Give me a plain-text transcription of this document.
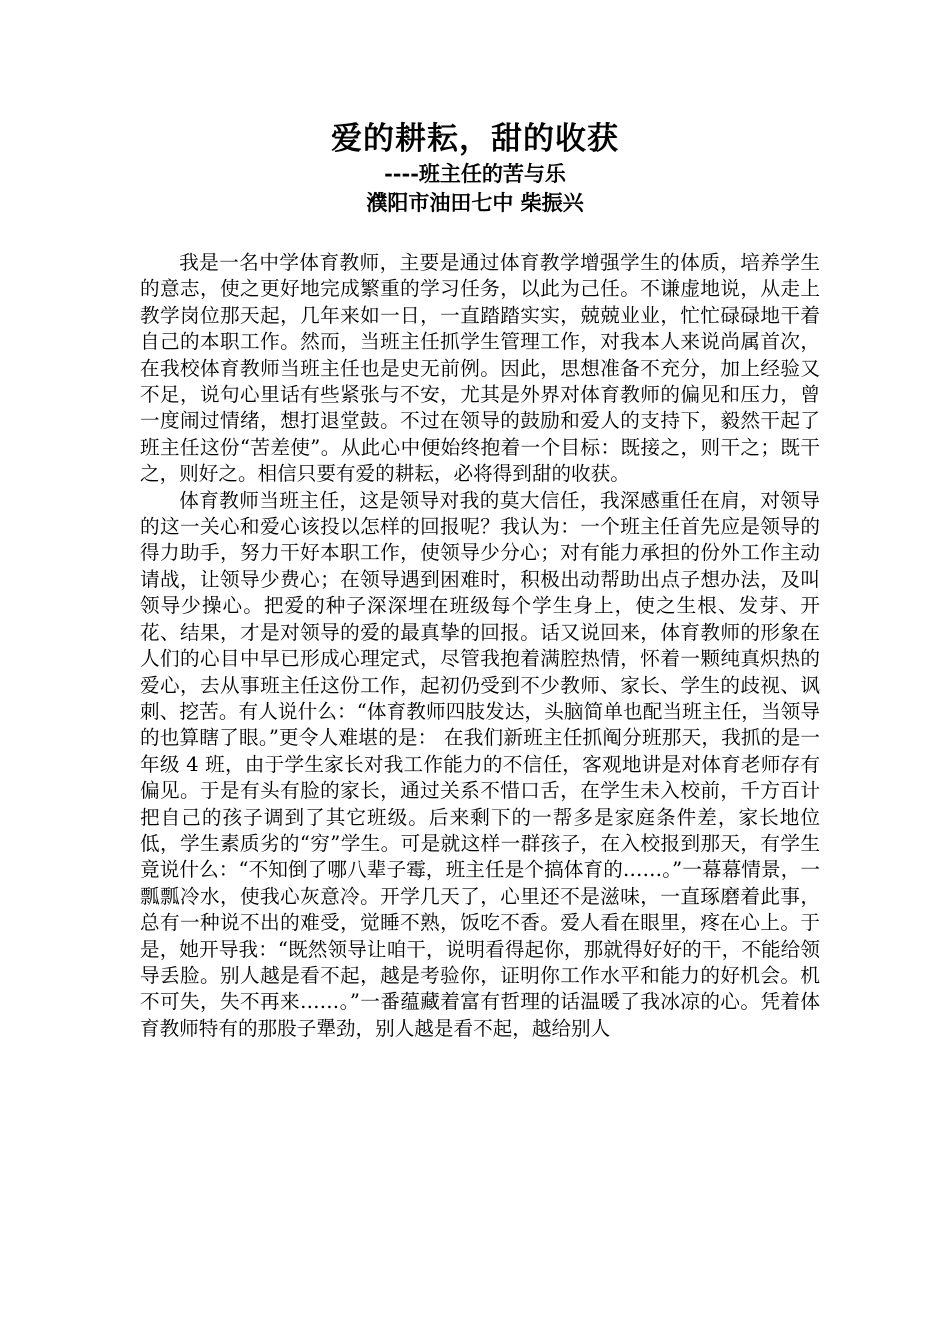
爱的耕耘，甜的收获

----班主任的苦与乐

濮阳市油田七中 柴振兴

我是一名中学体育教师，主要是通过体育教学增强学生的体质，培养学生的意志，使之更好地完成繁重的学习任务，以此为己任。不谦虚地说，从走上教学岗位那天起，几年来如一日，一直踏踏实实，兢兢业业，忙忙碌碌地干着自己的本职工作。然而，当班主任抓学生管理工作，对我本人来说尚属首次，在我校体育教师当班主任也是史无前例。因此，思想准备不充分，加上经验又不足，说句心里话有些紧张与不安，尤其是外界对体育教师的偏见和压力，曾一度闹过情绪，想打退堂鼓。不过在领导的鼓励和爱人的支持下，毅然干起了班主任这份“苦差使”。从此心中便始终抱着一个目标：既接之，则干之；既干之，则好之。相信只要有爱的耕耘，必将得到甜的收获。

体育教师当班主任，这是领导对我的莫大信任，我深感重任在肩，对领导的这一关心和爱心该投以怎样的回报呢？我认为：一个班主任首先应是领导的得力助手，努力干好本职工作，使领导少分心；对有能力承担的份外工作主动请战，让领导少费心；在领导遇到困难时，积极出动帮助出点子想办法，及叫领导少操心。把爱的种子深深埋在班级每个学生身上，使之生根、发芽、开花、结果，才是对领导的爱的最真挚的回报。话又说回来，体育教师的形象在人们的心目中早已形成心理定式，尽管我抱着满腔热情，怀着一颗纯真炽热的爱心，去从事班主任这份工作，起初仍受到不少教师、家长、学生的歧视、讽刺、挖苦。有人说什么：“体育教师四肢发达，头脑简单也配当班主任，当领导的也算瞎了眼。”更令人难堪的是： 在我们新班主任抓阄分班那天，我抓的是一年级 4 班，由于学生家长对我工作能力的不信任，客观地讲是对体育老师存有偏见。于是有头有脸的家长，通过关系不惜口舌，在学生未入校前，千方百计把自己的孩子调到了其它班级。后来剩下的一帮多是家庭条件差，家长地位低，学生素质劣的“穷”学生。可是就这样一群孩子，在入校报到那天，有学生竟说什么：“不知倒了哪八辈子霉，班主任是个搞体育的……。”一幕幕情景，一瓢瓢冷水，使我心灰意冷。开学几天了，心里还不是滋味，一直琢磨着此事，总有一种说不出的难受，觉睡不熟，饭吃不香。爱人看在眼里，疼在心上。于是，她开导我：“既然领导让咱干，说明看得起你，那就得好好的干，不能给领导丢脸。别人越是看不起，越是考验你，证明你工作水平和能力的好机会。机不可失，失不再来……。”一番蕴藏着富有哲理的话温暖了我冰凉的心。凭着体育教师特有的那股子犟劲，别人越是看不起，越给别人
